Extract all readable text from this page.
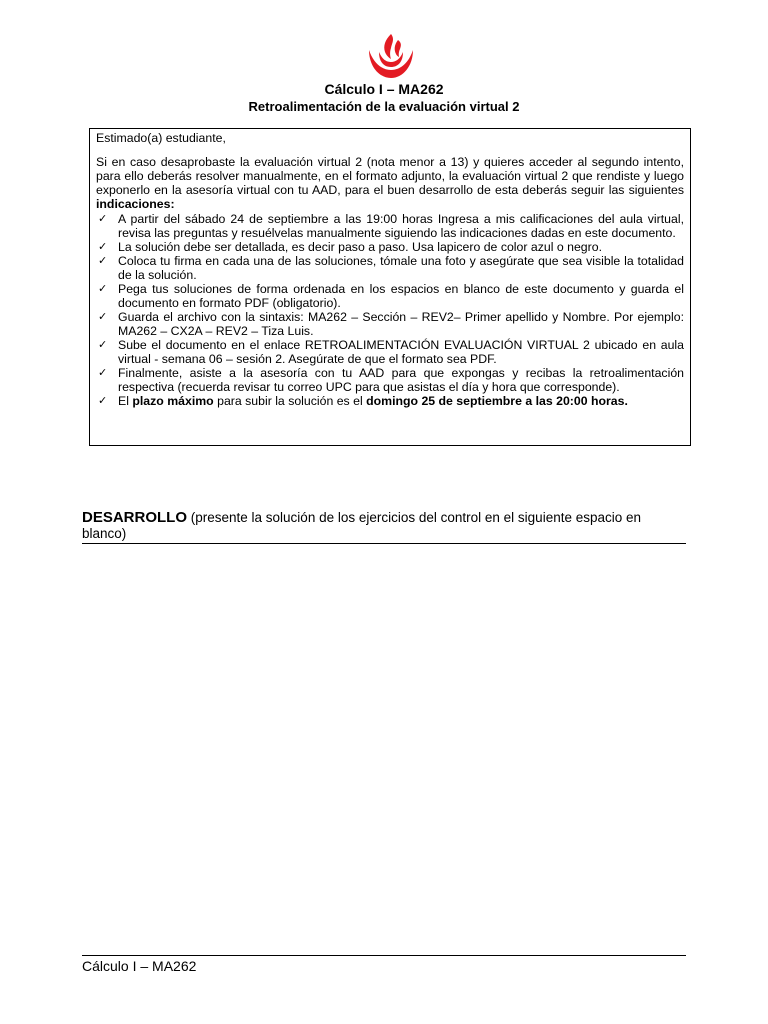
Cálculo I – MA262
Retroalimentación de la evaluación virtual 2

Estimado(a) estudiante,

Si en caso desaprobaste la evaluación virtual 2 (nota menor a 13) y quieres acceder al segundo intento, para ello deberás resolver manualmente, en el formato adjunto, la evaluación virtual 2 que rendiste y luego exponerlo en la asesoría virtual con tu AAD, para el buen desarrollo de esta deberás seguir las siguientes indicaciones:

✓ A partir del sábado 24 de septiembre a las 19:00 horas Ingresa a mis calificaciones del aula virtual, revisa las preguntas y resuélvelas manualmente siguiendo las indicaciones dadas en este documento.
✓ La solución debe ser detallada, es decir paso a paso. Usa lapicero de color azul o negro.
✓ Coloca tu firma en cada una de las soluciones, tómale una foto y asegúrate que sea visible la totalidad de la solución.
✓ Pega tus soluciones de forma ordenada en los espacios en blanco de este documento y guarda el documento en formato PDF (obligatorio).
✓ Guarda el archivo con la sintaxis: MA262 – Sección – REV2– Primer apellido y Nombre. Por ejemplo: MA262 – CX2A – REV2 – Tiza Luis.
✓ Sube el documento en el enlace RETROALIMENTACIÓN EVALUACIÓN VIRTUAL 2 ubicado en aula virtual - semana 06 – sesión 2. Asegúrate de que el formato sea PDF.
✓ Finalmente, asiste a la asesoría con tu AAD para que expongas y recibas la retroalimentación respectiva (recuerda revisar tu correo UPC para que asistas el día y hora que corresponde).
✓ El plazo máximo para subir la solución es el domingo 25 de septiembre a las 20:00 horas.
DESARROLLO (presente la solución de los ejercicios del control en el siguiente espacio en blanco)
Cálculo I – MA262
